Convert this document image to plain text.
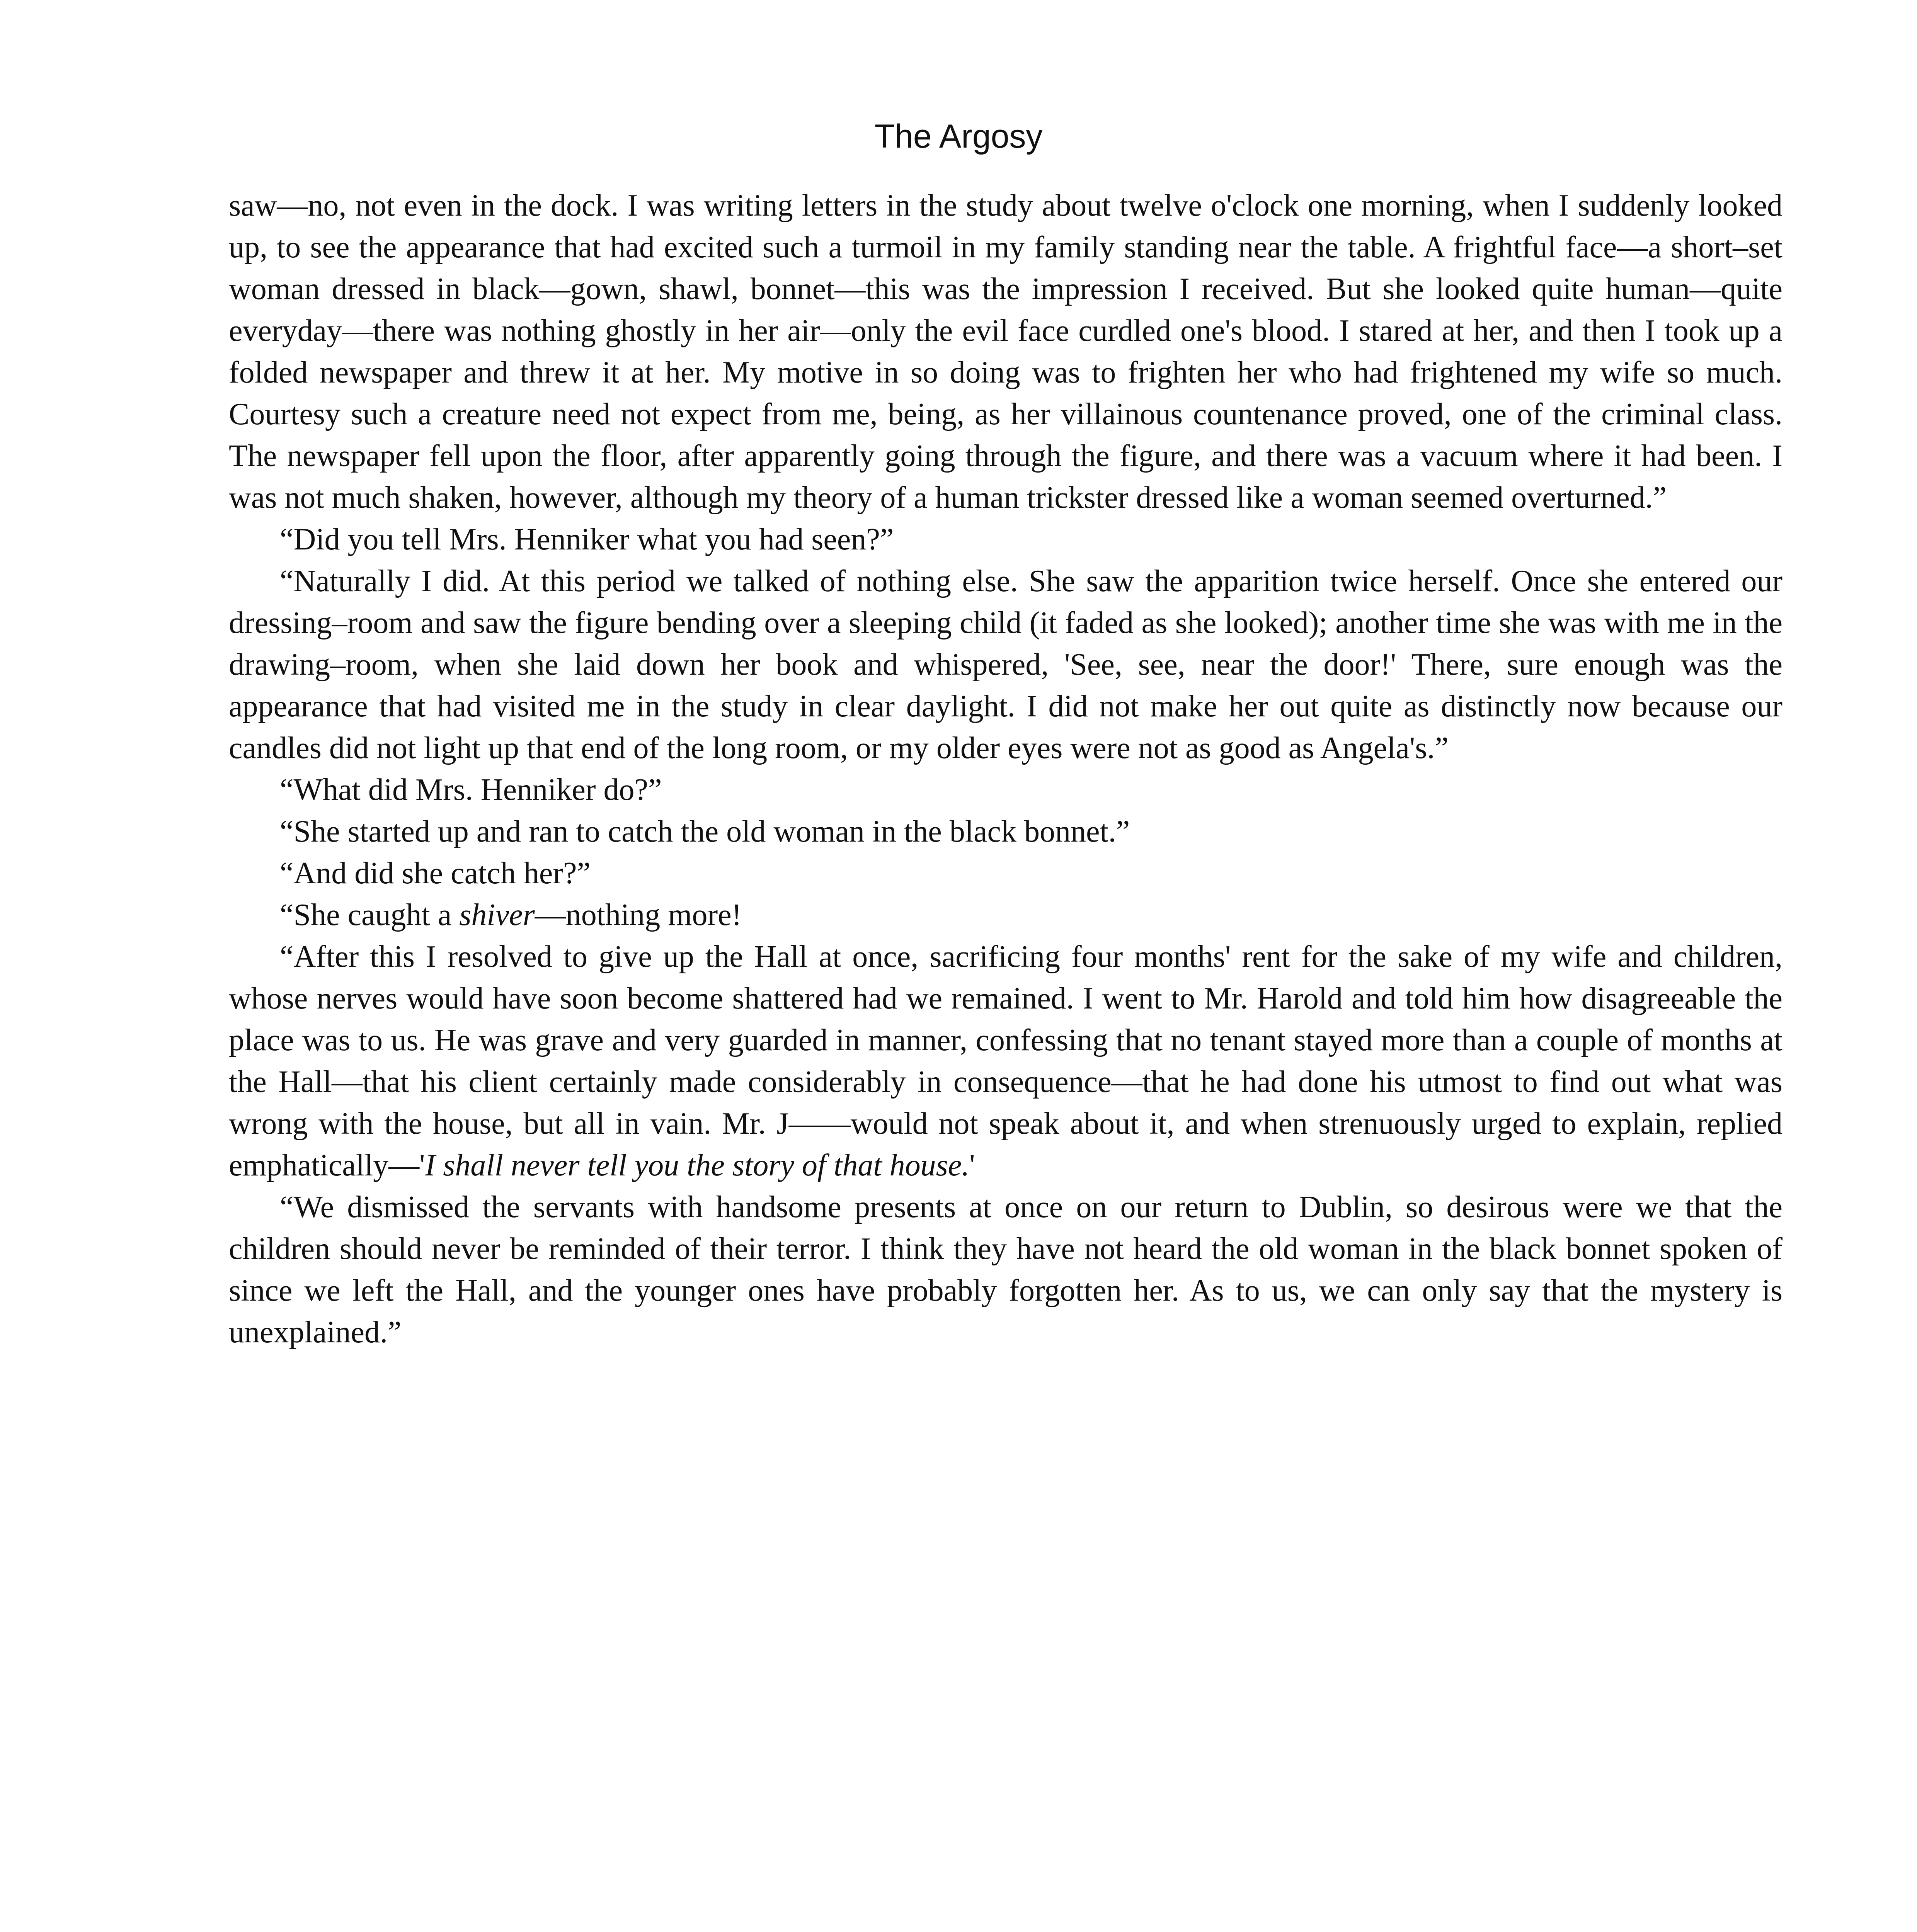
The Argosy

saw—no, not even in the dock. I was writing letters in the study about twelve o'clock one morning, when I suddenly looked up, to see the appearance that had excited such a turmoil in my family standing near the table. A frightful face—a short–set woman dressed in black—gown, shawl, bonnet—this was the impression I received. But she looked quite human—quite everyday—there was nothing ghostly in her air—only the evil face curdled one's blood. I stared at her, and then I took up a folded newspaper and threw it at her. My motive in so doing was to frighten her who had frightened my wife so much. Courtesy such a creature need not expect from me, being, as her villainous countenance proved, one of the criminal class. The newspaper fell upon the floor, after apparently going through the figure, and there was a vacuum where it had been. I was not much shaken, however, although my theory of a human trickster dressed like a woman seemed overturned.”

“Did you tell Mrs. Henniker what you had seen?”

“Naturally I did. At this period we talked of nothing else. She saw the apparition twice herself. Once she entered our dressing–room and saw the figure bending over a sleeping child (it faded as she looked); another time she was with me in the drawing–room, when she laid down her book and whispered, 'See, see, near the door!' There, sure enough was the appearance that had visited me in the study in clear daylight. I did not make her out quite as distinctly now because our candles did not light up that end of the long room, or my older eyes were not as good as Angela's.”

“What did Mrs. Henniker do?”

“She started up and ran to catch the old woman in the black bonnet.”

“And did she catch her?”

“She caught a shiver—nothing more!

“After this I resolved to give up the Hall at once, sacrificing four months' rent for the sake of my wife and children, whose nerves would have soon become shattered had we remained. I went to Mr. Harold and told him how disagreeable the place was to us. He was grave and very guarded in manner, confessing that no tenant stayed more than a couple of months at the Hall—that his client certainly made considerably in consequence—that he had done his utmost to find out what was wrong with the house, but all in vain. Mr. J——would not speak about it, and when strenuously urged to explain, replied emphatically—'I shall never tell you the story of that house.'

“We dismissed the servants with handsome presents at once on our return to Dublin, so desirous were we that the children should never be reminded of their terror. I think they have not heard the old woman in the black bonnet spoken of since we left the Hall, and the younger ones have probably forgotten her. As to us, we can only say that the mystery is unexplained.”
